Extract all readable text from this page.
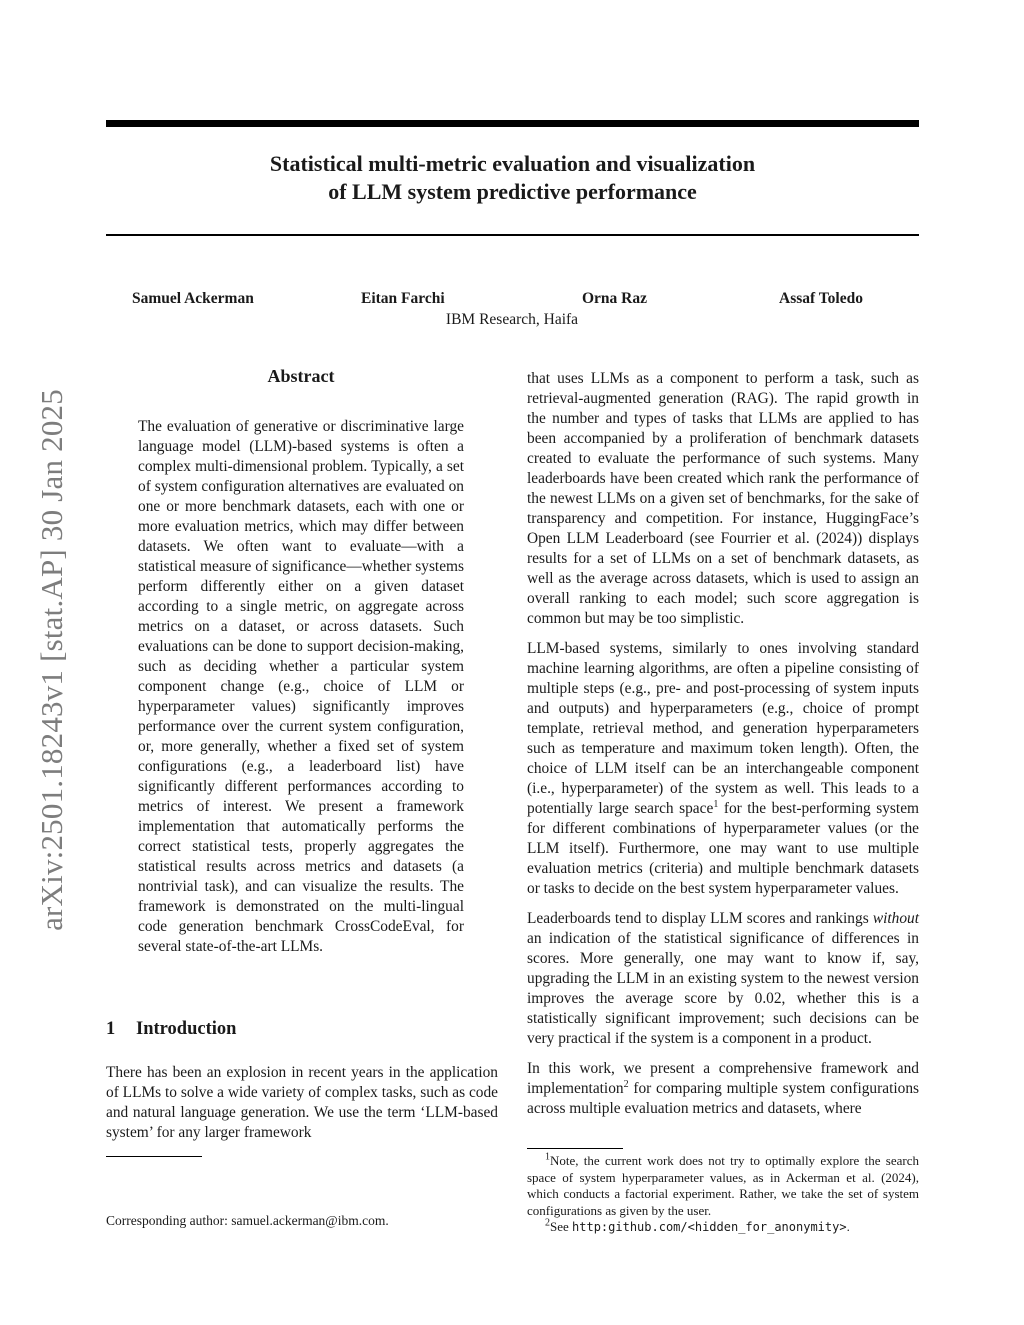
arXiv:2501.18243v1 [stat.AP] 30 Jan 2025
Statistical multi-metric evaluation and visualization
of LLM system predictive performance
Samuel Ackerman	Eitan Farchi	Orna Raz	Assaf Toledo
IBM Research, Haifa
Abstract
The evaluation of generative or discriminative large language model (LLM)-based systems is often a complex multi-dimensional problem. Typically, a set of system configuration alternatives are evaluated on one or more benchmark datasets, each with one or more evaluation metrics, which may differ between datasets. We often want to evaluate—with a statistical measure of significance—whether systems perform differently either on a given dataset according to a single metric, on aggregate across metrics on a dataset, or across datasets. Such evaluations can be done to support decision-making, such as deciding whether a particular system component change (e.g., choice of LLM or hyperparameter values) significantly improves performance over the current system configuration, or, more generally, whether a fixed set of system configurations (e.g., a leaderboard list) have significantly different performances according to metrics of interest. We present a framework implementation that automatically performs the correct statistical tests, properly aggregates the statistical results across metrics and datasets (a nontrivial task), and can visualize the results. The framework is demonstrated on the multi-lingual code generation benchmark CrossCodeEval, for several state-of-the-art LLMs.
1 Introduction
There has been an explosion in recent years in the application of LLMs to solve a wide variety of complex tasks, such as code and natural language generation. We use the term ‘LLM-based system’ for any larger framework
Corresponding author: samuel.ackerman@ibm.com.

that uses LLMs as a component to perform a task, such as retrieval-augmented generation (RAG). The rapid growth in the number and types of tasks that LLMs are applied to has been accompanied by a proliferation of benchmark datasets created to evaluate the performance of such systems. Many leaderboards have been created which rank the performance of the newest LLMs on a given set of benchmarks, for the sake of transparency and competition. For instance, HuggingFace’s Open LLM Leaderboard (see Fourrier et al. (2024)) displays results for a set of LLMs on a set of benchmark datasets, as well as the average across datasets, which is used to assign an overall ranking to each model; such score aggregation is common but may be too simplistic.

LLM-based systems, similarly to ones involving standard machine learning algorithms, are often a pipeline consisting of multiple steps (e.g., pre- and post-processing of system inputs and outputs) and hyperparameters (e.g., choice of prompt template, retrieval method, and generation hyperparameters such as temperature and maximum token length). Often, the choice of LLM itself can be an interchangeable component (i.e., hyperparameter) of the system as well. This leads to a potentially large search space$^1$ for the best-performing system for different combinations of hyperparameter values (or the LLM itself). Furthermore, one may want to use multiple evaluation metrics (criteria) and multiple benchmark datasets or tasks to decide on the best system hyperparameter values.

Leaderboards tend to display LLM scores and rankings without an indication of the statistical significance of differences in scores. More generally, one may want to know if, say, upgrading the LLM in an existing system to the newest version improves the average score by 0.02, whether this is a statistically significant improvement; such decisions can be very practical if the system is a component in a product.

In this work, we present a comprehensive framework and implementation$^2$ for comparing multiple system configurations across multiple evaluation metrics and datasets, where

$^1$Note, the current work does not try to optimally explore the search space of system hyperparameter values, as in Ackerman et al. (2024), which conducts a factorial experiment. Rather, we take the set of system configurations as given by the user.

$^2$See http:github.com/<hidden_for_anonymity>.
